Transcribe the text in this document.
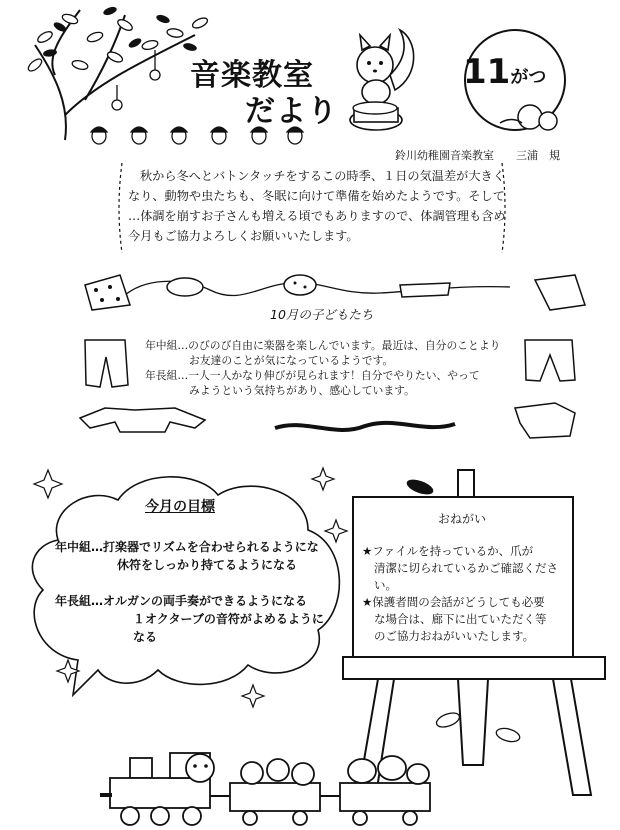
音楽教室
だより
11がつ
鈴川幼稚園音楽教室　　三浦　規
秋から冬へとバトンタッチをするこの時季、１日の気温差が大きく
なり、動物や虫たちも、冬眠に向けて準備を始めたようです。そして
…体調を崩すお子さんも増える頃でもありますので、体調管理も含め
今月もご協力よろしくお願いいたします。
10月の子どもたち
年中組…のびのび自由に楽器を楽しんでいます。最近は、自分のことより
お友達のことが気になっているようです。
年長組…一人一人かなり伸びが見られます！自分でやりたい、やって
みようという気持ちがあり、感心しています。
今月の目標
年中組…打楽器でリズムを合わせられるようにな
休符をしっかり持てるようになる
年長組…オルガンの両手奏ができるようになる
１オクターブの音符がよめるようになる
おねがい
★ファイルを持っているか、爪が
清潔に切られているかご確認くださ
い。
★保護者間の会話がどうしても必要
な場合は、廊下に出ていただく等
のご協力おねがいいたします。
